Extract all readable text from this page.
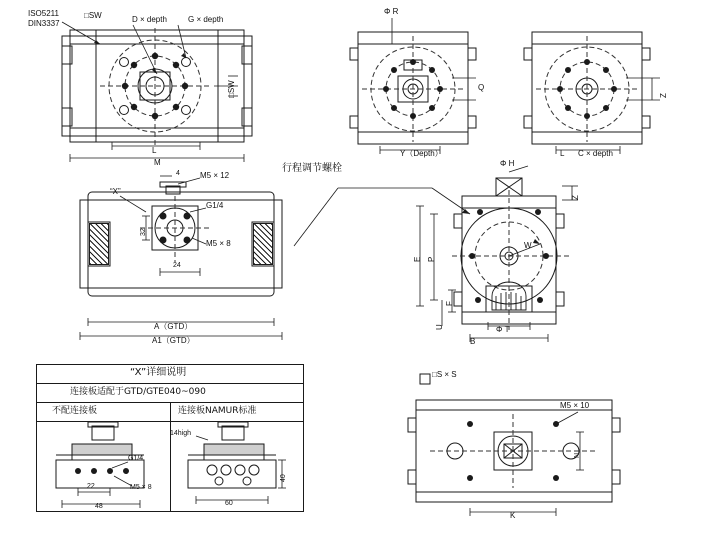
ISO5211
DIN3337
□SW	D × depth	G × depth
□SW
L
M
Φ R
Q
Y（Depth）
Z
L C × depth
“X”
4	M5 × 12
G1/4
M5 × 8
32
24
A（GTD）
A1（GTD）
行程调节螺栓	Φ H
Z
W
E P
F
U
B
Φ T
“X”详细说明
连接板适配于GTD/GTE040~090
不配连接板	连接板NAMUR标准
G1/4
M5 × 8
22
48
14high
40
60
□S × S
M5 × 10
K
N
